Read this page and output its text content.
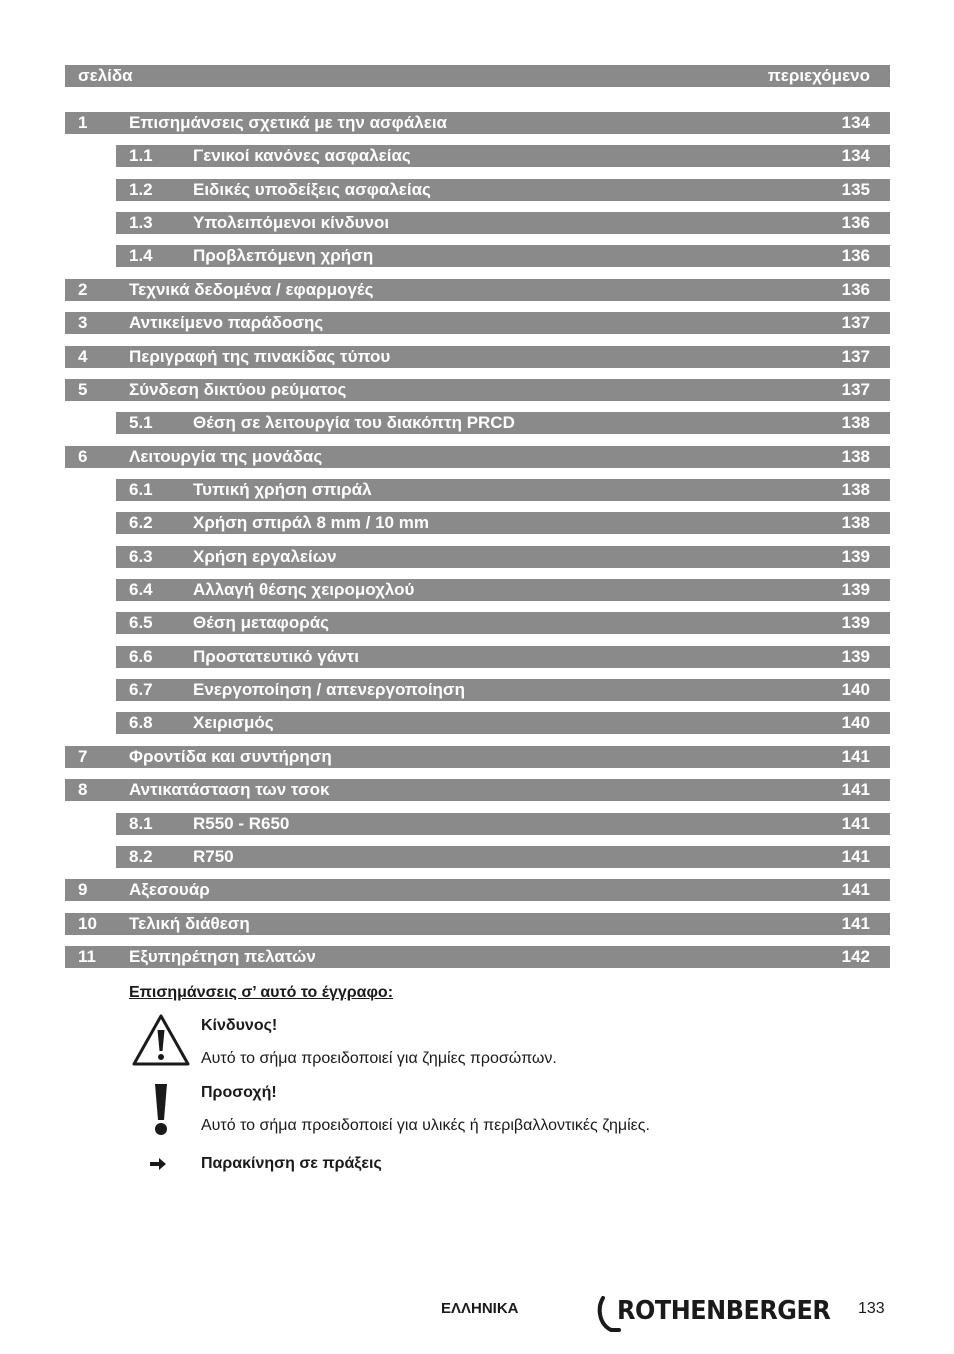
σελίδα	περιεχόμενο
1 Επισημάνσεις σχετικά με την ασφάλεια	134
1.1 Γενικοί κανόνες ασφαλείας	134
1.2 Ειδικές υποδείξεις ασφαλείας	135
1.3 Υπολειπόμενοι κίνδυνοι	136
1.4 Προβλεπόμενη χρήση	136
2 Τεχνικά δεδομένα / εφαρμογές	136
3 Αντικείμενο παράδοσης	137
4 Περιγραφή της πινακίδας τύπου	137
5 Σύνδεση δικτύου ρεύματος	137
5.1 Θέση σε λειτουργία του διακόπτη PRCD	138
6 Λειτουργία της μονάδας	138
6.1 Τυπική χρήση σπιράλ	138
6.2 Χρήση σπιράλ 8 mm / 10 mm	138
6.3 Χρήση εργαλείων	139
6.4 Αλλαγή θέσης χειρομοχλού	139
6.5 Θέση μεταφοράς	139
6.6 Προστατευτικό γάντι	139
6.7 Ενεργοποίηση / απενεργοποίηση	140
6.8 Χειρισμός	140
7 Φροντίδα και συντήρηση	141
8 Αντικατάσταση των τσοκ	141
8.1 R550 - R650	141
8.2 R750	141
9 Αξεσουάρ	141
10 Τελική διάθεση	141
11 Εξυπηρέτηση πελατών	142
Επισημάνσεις σ’ αυτό το έγγραφο:
Κίνδυνος!
Αυτό το σήμα προειδοποιεί για ζημίες προσώπων.
Προσοχή!
Αυτό το σήμα προειδοποιεί για υλικές ή περιβαλλοντικές ζημίες.
Παρακίνηση σε πράξεις
ΕΛΛΗΝΙΚΑ	ROTHENBERGER 133
